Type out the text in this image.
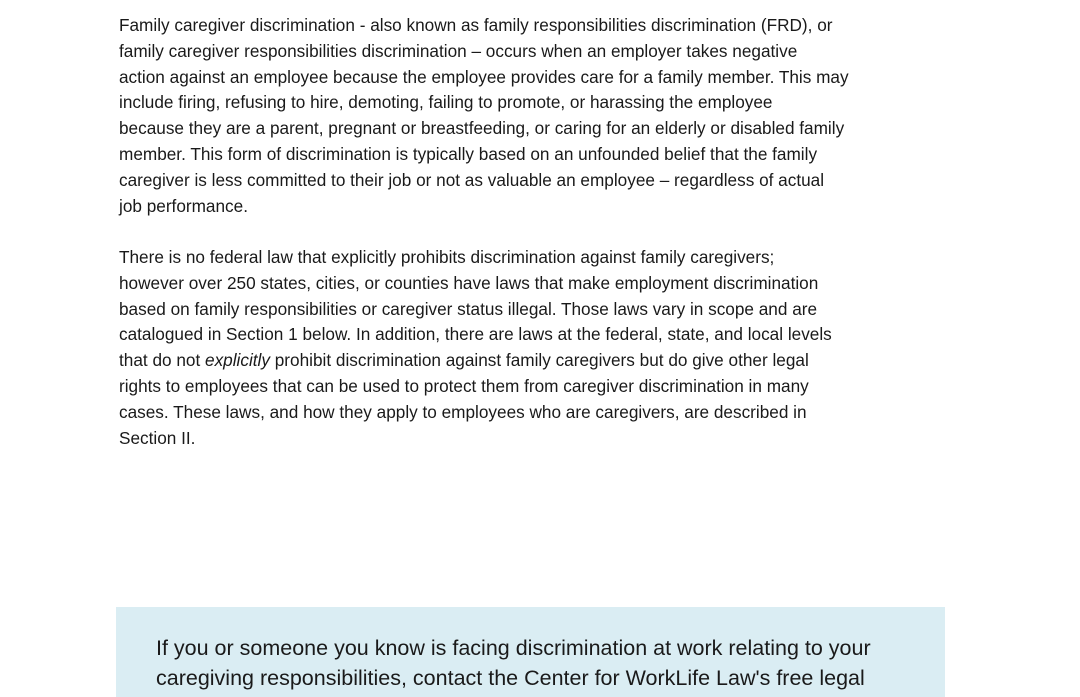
Family caregiver discrimination - also known as family responsibilities discrimination (FRD), or
family caregiver responsibilities discrimination – occurs when an employer takes negative
action against an employee because the employee provides care for a family member. This may
include firing, refusing to hire, demoting, failing to promote, or harassing the employee
because they are a parent, pregnant or breastfeeding, or caring for an elderly or disabled family
member. This form of discrimination is typically based on an unfounded belief that the family
caregiver is less committed to their job or not as valuable an employee – regardless of actual
job performance.
There is no federal law that explicitly prohibits discrimination against family caregivers;
however over 250 states, cities, or counties have laws that make employment discrimination
based on family responsibilities or caregiver status illegal. Those laws vary in scope and are
catalogued in Section 1 below. In addition, there are laws at the federal, state, and local levels
that do not explicitly prohibit discrimination against family caregivers but do give other legal
rights to employees that can be used to protect them from caregiver discrimination in many
cases. These laws, and how they apply to employees who are caregivers, are described in
Section II.
If you or someone you know is facing discrimination at work relating to your
caregiving responsibilities, contact the Center for WorkLife Law's free legal
